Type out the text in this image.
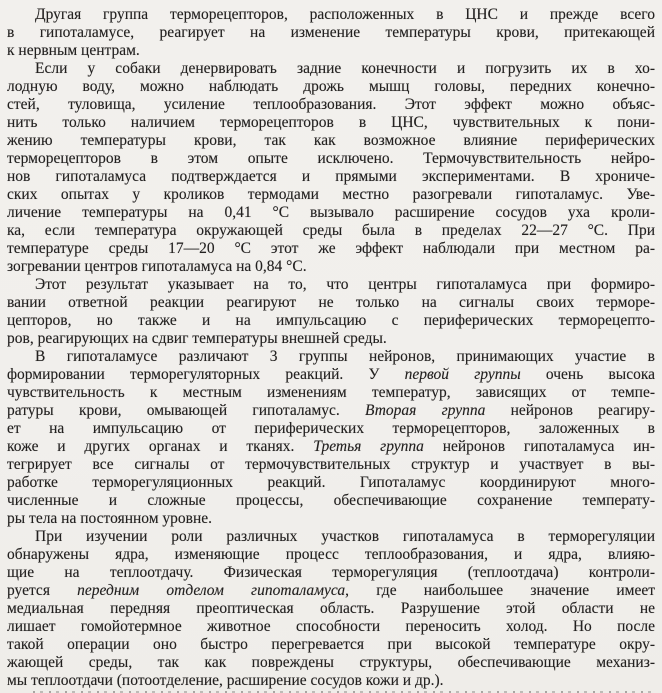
Другая группа терморецепторов, расположенных в ЦНС и прежде всего
в гипоталамусе, реагирует на изменение температуры крови, притекающей
к нервным центрам.
Если у собаки денервировать задние конечности и погрузить их в хо-
лодную воду, можно наблюдать дрожь мышц головы, передних конечно-
стей, туловища, усиление теплообразования. Этот эффект можно объяс-
нить только наличием терморецепторов в ЦНС, чувствительных к пони-
жению температуры крови, так как возможное влияние периферических
терморецепторов в этом опыте исключено. Термочувствительность нейро-
нов гипоталамуса подтверждается и прямыми экспериментами. В хрониче-
ских опытах у кроликов термодами местно разогревали гипоталамус. Уве-
личение температуры на 0,41 °С вызывало расширение сосудов уха кроли-
ка, если температура окружающей среды была в пределах 22—27 °С. При
температуре среды 17—20 °С этот же эффект наблюдали при местном ра-
зогревании центров гипоталамуса на 0,84 °С.
Этот результат указывает на то, что центры гипоталамуса при формиро-
вании ответной реакции реагируют не только на сигналы своих терморе-
цепторов, но также и на импульсацию с периферических терморецепто-
ров, реагирующих на сдвиг температуры внешней среды.
В гипоталамусе различают 3 группы нейронов, принимающих участие в
формировании терморегуляторных реакций. У первой группы очень высока
чувствительность к местным изменениям температур, зависящих от темпе-
ратуры крови, омывающей гипоталамус. Вторая группа нейронов реагиру-
ет на импульсацию от периферических терморецепторов, заложенных в
коже и других органах и тканях. Третья группа нейронов гипоталамуса ин-
тегрирует все сигналы от термочувствительных структур и участвует в вы-
работке терморегуляционных реакций. Гипоталамус координируют много-
численные и сложные процессы, обеспечивающие сохранение температу-
ры тела на постоянном уровне.
При изучении роли различных участков гипоталамуса в терморегуляции
обнаружены ядра, изменяющие процесс теплообразования, и ядра, влияю-
щие на теплоотдачу. Физическая терморегуляция (теплоотдача) контроли-
руется передним отделом гипоталамуса, где наибольшее значение имеет
медиальная передняя преоптическая область. Разрушение этой области не
лишает гомойотермное животное способности переносить холод. Но после
такой операции оно быстро перегревается при высокой температуре окру-
жающей среды, так как повреждены структуры, обеспечивающие механиз-
мы теплоотдачи (потоотделение, расширение сосудов кожи и др.).
